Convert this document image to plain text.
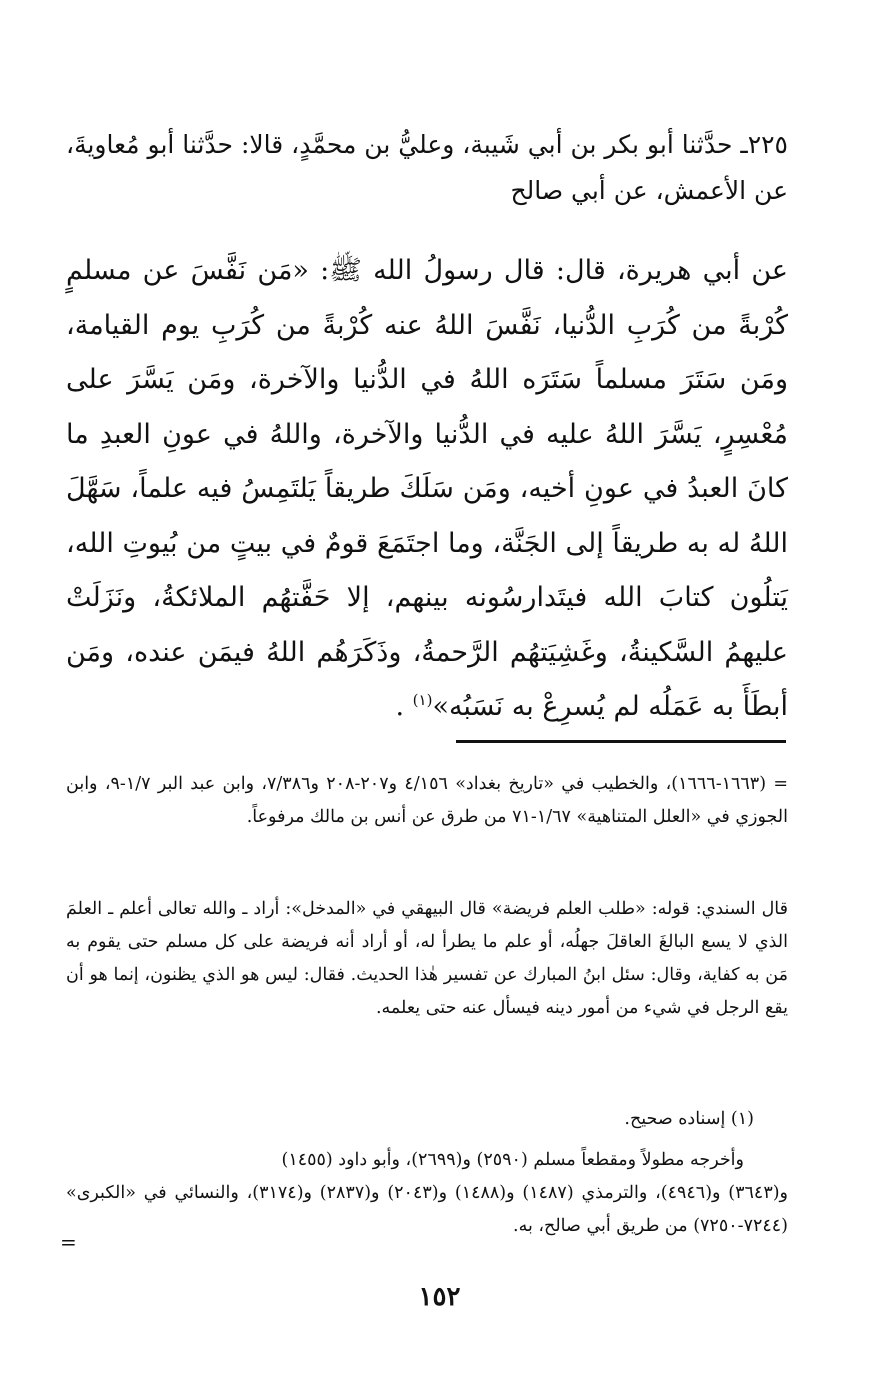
٢٢٥ـ حدَّثنا أبو بكر بن أبي شَيبة، وعليُّ بن محمَّدٍ، قالا: حدَّثنا أبو مُعاويةَ، عن الأعمش، عن أبي صالح

عن أبي هريرة، قال: قال رسولُ الله ﷺ: «مَن نَفَّسَ عن مسلمٍ كُرْبةً من كُرَبِ الدُّنيا، نَفَّسَ اللهُ عنه كُرْبةً من كُرَبِ يوم القيامة، ومَن سَتَرَ مسلماً سَتَرَه اللهُ في الدُّنيا والآخرة، ومَن يَسَّرَ على مُعْسِرٍ، يَسَّرَ اللهُ عليه في الدُّنيا والآخرة، واللهُ في عونِ العبدِ ما كانَ العبدُ في عونِ أخيه، ومَن سَلَكَ طريقاً يَلتَمِسُ فيه علماً، سَهَّلَ اللهُ له به طريقاً إلى الجَنَّة، وما اجتَمَعَ قومٌ في بيتٍ من بُيوتِ الله، يَتلُون كتابَ الله فيتَدارسُونه بينهم، إلا حَفَّتهُم الملائكةُ، ونَزَلَتْ عليهمُ السَّكينةُ، وغَشِيَتهُم الرَّحمةُ، وذَكَرَهُم اللهُ فيمَن عنده، ومَن أبطَأَ به عَمَلُه لم يُسرِعْ به نَسَبُه»$^{(١)}$ .

= (١٦٦٣-١٦٦٦)، والخطيب في «تاريخ بغداد» ٤/١٥٦ و٢٠٧-٢٠٨ و٧/٣٨٦، وابن عبد البر ١/٧-٩، وابن الجوزي في «العلل المتناهية» ١/٦٧-٧١ من طرق عن أنس بن مالك مرفوعاً.

قال السندي: قوله: «طلب العلم فريضة» قال البيهقي في «المدخل»: أراد ـ والله تعالى أعلم ـ العلمَ الذي لا يسع البالغَ العاقلَ جهلُه، أو علم ما يطرأ له، أو أراد أنه فريضة على كل مسلم حتى يقوم به مَن به كفاية، وقال: سئل ابنُ المبارك عن تفسير هٰذا الحديث. فقال: ليس هو الذي يظنون، إنما هو أن يقع الرجل في شيء من أمور دينه فيسأل عنه حتى يعلمه.

(١) إسناده صحيح.

وأخرجه مطولاً ومقطعاً مسلم (٢٥٩٠) و(٢٦٩٩)، وأبو داود (١٤٥٥)
و(٣٦٤٣) و(٤٩٤٦)، والترمذي (١٤٨٧) و(١٤٨٨) و(٢٠٤٣) و(٢٨٣٧) و(٣١٧٤)، والنسائي في «الكبرى» (٧٢٤٤-٧٢٥٠) من طريق أبي صالح، به.

=
١٥٢
